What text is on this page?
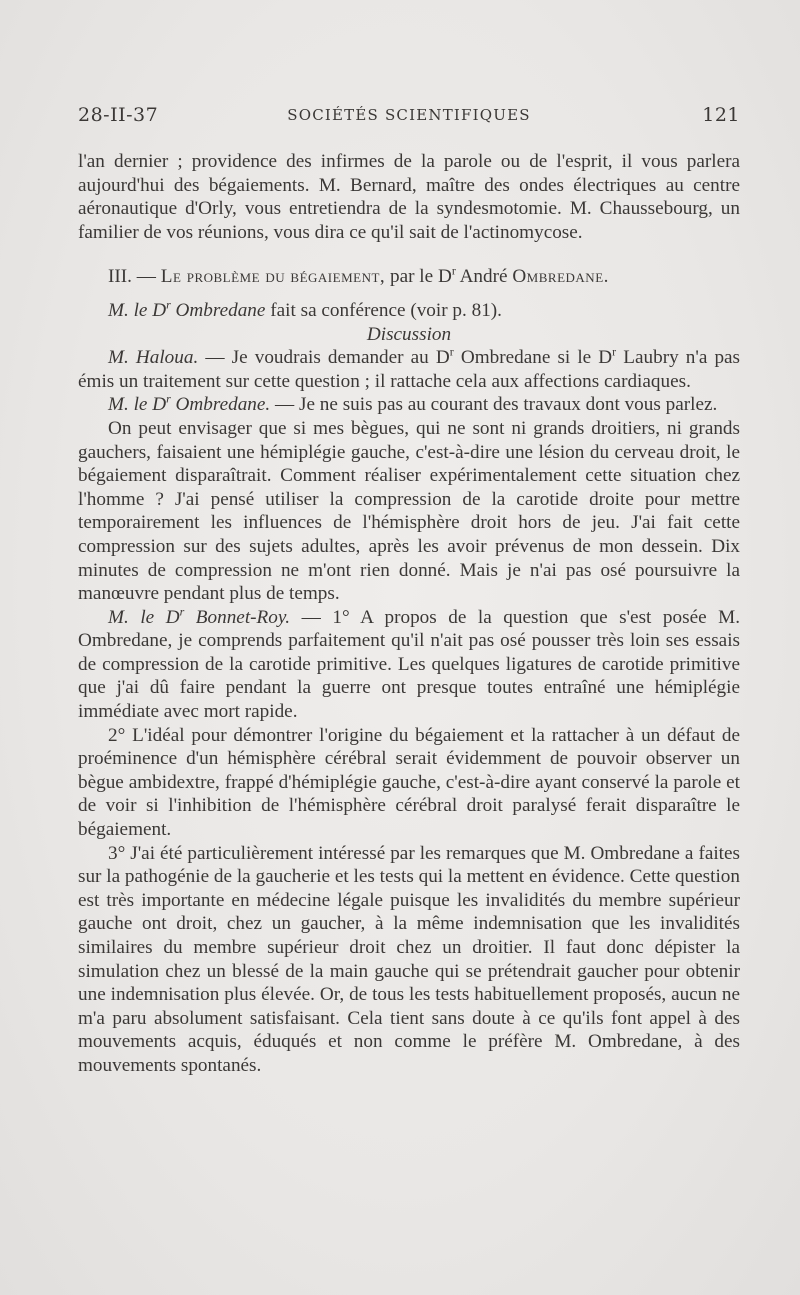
28-II-37	SOCIÉTÉS SCIENTIFIQUES	121

l'an dernier ; providence des infirmes de la parole ou de l'esprit, il vous parlera aujourd'hui des bégaiements. M. Bernard, maître des ondes électriques au centre aéronautique d'Orly, vous entretiendra de la syndesmotomie. M. Chaussebourg, un familier de vos réunions, vous dira ce qu'il sait de l'actinomycose.

III. — Le problème du bégaiement, par le $D^r$ André Ombredane.

M. le $D^r$ Ombredane fait sa conférence (voir p. 81).

Discussion

M. Haloua. — Je voudrais demander au $D^r$ Ombredane si le $D^r$ Laubry n'a pas émis un traitement sur cette question ; il rattache cela aux affections cardiaques.

M. le $D^r$ Ombredane. — Je ne suis pas au courant des travaux dont vous parlez.

On peut envisager que si mes bègues, qui ne sont ni grands droitiers, ni grands gauchers, faisaient une hémiplégie gauche, c'est-à-dire une lésion du cerveau droit, le bégaiement disparaîtrait. Comment réaliser expérimentalement cette situation chez l'homme ? J'ai pensé utiliser la compression de la carotide droite pour mettre temporairement les influences de l'hémisphère droit hors de jeu. J'ai fait cette compression sur des sujets adultes, après les avoir prévenus de mon dessein. Dix minutes de compression ne m'ont rien donné. Mais je n'ai pas osé poursuivre la manœuvre pendant plus de temps.

M. le $D^r$ Bonnet-Roy. — 1° A propos de la question que s'est posée M. Ombredane, je comprends parfaitement qu'il n'ait pas osé pousser très loin ses essais de compression de la carotide primitive. Les quelques ligatures de carotide primitive que j'ai dû faire pendant la guerre ont presque toutes entraîné une hémiplégie immédiate avec mort rapide.

2° L'idéal pour démontrer l'origine du bégaiement et la rattacher à un défaut de proéminence d'un hémisphère cérébral serait évidemment de pouvoir observer un bègue ambidextre, frappé d'hémiplégie gauche, c'est-à-dire ayant conservé la parole et de voir si l'inhibition de l'hémisphère cérébral droit paralysé ferait disparaître le bégaiement.

3° J'ai été particulièrement intéressé par les remarques que M. Ombredane a faites sur la pathogénie de la gaucherie et les tests qui la mettent en évidence. Cette question est très importante en médecine légale puisque les invalidités du membre supérieur gauche ont droit, chez un gaucher, à la même indemnisation que les invalidités similaires du membre supérieur droit chez un droitier. Il faut donc dépister la simulation chez un blessé de la main gauche qui se prétendrait gaucher pour obtenir une indemnisation plus élevée. Or, de tous les tests habituellement proposés, aucun ne m'a paru absolument satisfaisant. Cela tient sans doute à ce qu'ils font appel à des mouvements acquis, éduqués et non comme le préfère M. Ombredane, à des mouvements spontanés.
